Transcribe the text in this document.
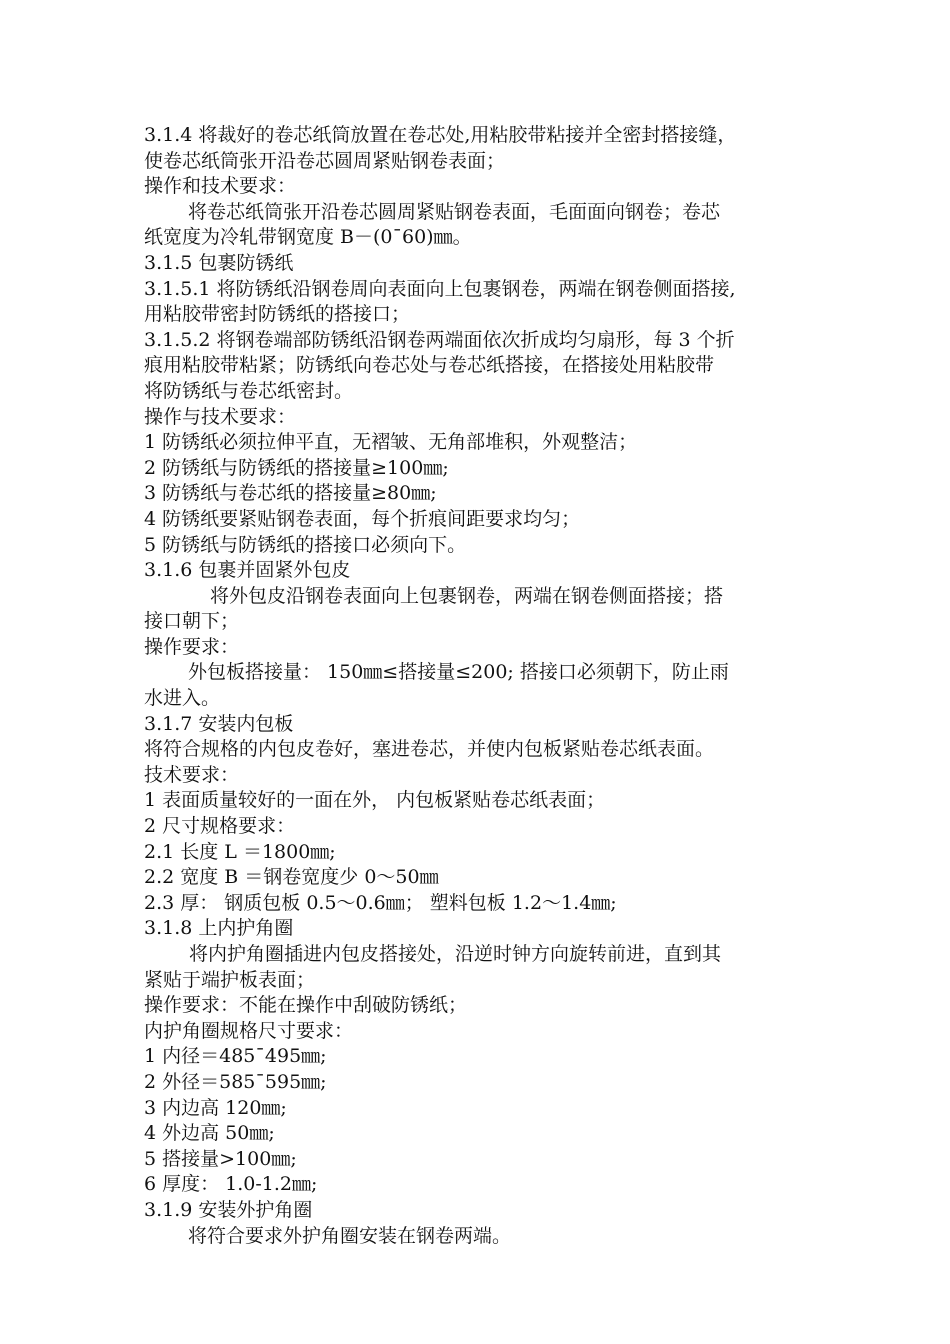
3.1.4 将裁好的卷芯纸筒放置在卷芯处,用粘胶带粘接并全密封搭接缝，
使卷芯纸筒张开沿卷芯圆周紧贴钢卷表面；
操作和技术要求：
将卷芯纸筒张开沿卷芯圆周紧贴钢卷表面，毛面面向钢卷；卷芯
纸宽度为冷轧带钢宽度 B－(0¯60)㎜。
3.1.5 包裹防锈纸
3.1.5.1 将防锈纸沿钢卷周向表面向上包裹钢卷，两端在钢卷侧面搭接,
用粘胶带密封防锈纸的搭接口；
3.1.5.2 将钢卷端部防锈纸沿钢卷两端面依次折成均匀扇形，每 3 个折
痕用粘胶带粘紧；防锈纸向卷芯处与卷芯纸搭接，在搭接处用粘胶带
将防锈纸与卷芯纸密封。
操作与技术要求：
1 防锈纸必须拉伸平直，无褶皱、无角部堆积，外观整洁；
2 防锈纸与防锈纸的搭接量≥100㎜;
3 防锈纸与卷芯纸的搭接量≥80㎜;
4 防锈纸要紧贴钢卷表面，每个折痕间距要求均匀；
5 防锈纸与防锈纸的搭接口必须向下。
3.1.6 包裹并固紧外包皮
将外包皮沿钢卷表面向上包裹钢卷，两端在钢卷侧面搭接；搭
接口朝下；
操作要求：
外包板搭接量： 150㎜≤搭接量≤200; 搭接口必须朝下，防止雨
水进入。
3.1.7 安装内包板
将符合规格的内包皮卷好，塞进卷芯，并使内包板紧贴卷芯纸表面。
技术要求：
1 表面质量较好的一面在外， 内包板紧贴卷芯纸表面；
2 尺寸规格要求：
2.1 长度 L ＝1800㎜;
2.2 宽度 B ＝钢卷宽度少 0～50㎜
2.3 厚： 钢质包板 0.5～0.6㎜； 塑料包板 1.2～1.4㎜;
3.1.8 上内护角圈
将内护角圈插进内包皮搭接处，沿逆时钟方向旋转前进，直到其
紧贴于端护板表面；
操作要求：不能在操作中刮破防锈纸；
内护角圈规格尺寸要求：
1 内径＝485¯495㎜;
2 外径＝585¯595㎜;
3 内边高 120㎜;
4 外边高 50㎜;
5 搭接量>100㎜;
6 厚度： 1.0-1.2㎜;
3.1.9 安装外护角圈
将符合要求外护角圈安装在钢卷两端。
